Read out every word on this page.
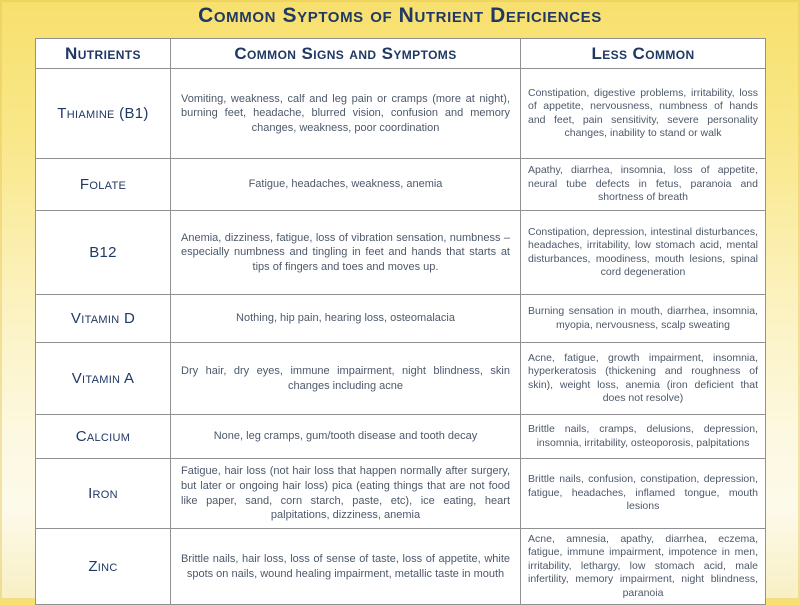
Common Syptoms of Nutrient Deficiences
Nutrients	Common Signs and Symptoms	Less Common
Thiamine (B1)	Vomiting, weakness, calf and leg pain or cramps (more at night), burning feet, headache, blurred vision, confusion and memory changes, weakness, poor coordination	Constipation, digestive problems, irritability, loss of appetite, nervousness, numbness of hands and feet, pain sensitivity, severe personality changes, inability to stand or walk
Folate	Fatigue, headaches, weakness, anemia	Apathy, diarrhea, insomnia, loss of appetite, neural tube defects in fetus, paranoia and shortness of breath
B12	Anemia, dizziness, fatigue, loss of vibration sensation, numbness – especially numbness and tingling in feet and hands that starts at tips of fingers and toes and moves up.	Constipation, depression, intestinal disturbances, headaches, irritability, low stomach acid, mental disturbances, moodiness, mouth lesions, spinal cord degeneration
Vitamin D	Nothing, hip pain, hearing loss, osteomalacia	Burning sensation in mouth, diarrhea, insomnia, myopia, nervousness, scalp sweating
Vitamin A	Dry hair, dry eyes, immune impairment, night blindness, skin changes including acne	Acne, fatigue, growth impairment, insomnia, hyperkeratosis (thickening and roughness of skin), weight loss, anemia (iron deficient that does not resolve)
Calcium	None, leg cramps, gum/tooth disease and tooth decay	Brittle nails, cramps, delusions, depression, insomnia, irritability, osteoporosis, palpitations
Iron	Fatigue, hair loss (not hair loss that happen normally after surgery, but later or ongoing hair loss) pica (eating things that are not food like paper, sand, corn starch, paste, etc), ice eating, heart palpitations, dizziness, anemia	Brittle nails, confusion, constipation, depression, fatigue, headaches, inflamed tongue, mouth lesions
Zinc	Brittle nails, hair loss, loss of sense of taste, loss of appetite, white spots on nails, wound healing impairment, metallic taste in mouth	Acne, amnesia, apathy, diarrhea, eczema, fatigue, immune impairment, impotence in men, irritability, lethargy, low stomach acid, male infertility, memory impairment, night blindness, paranoia
